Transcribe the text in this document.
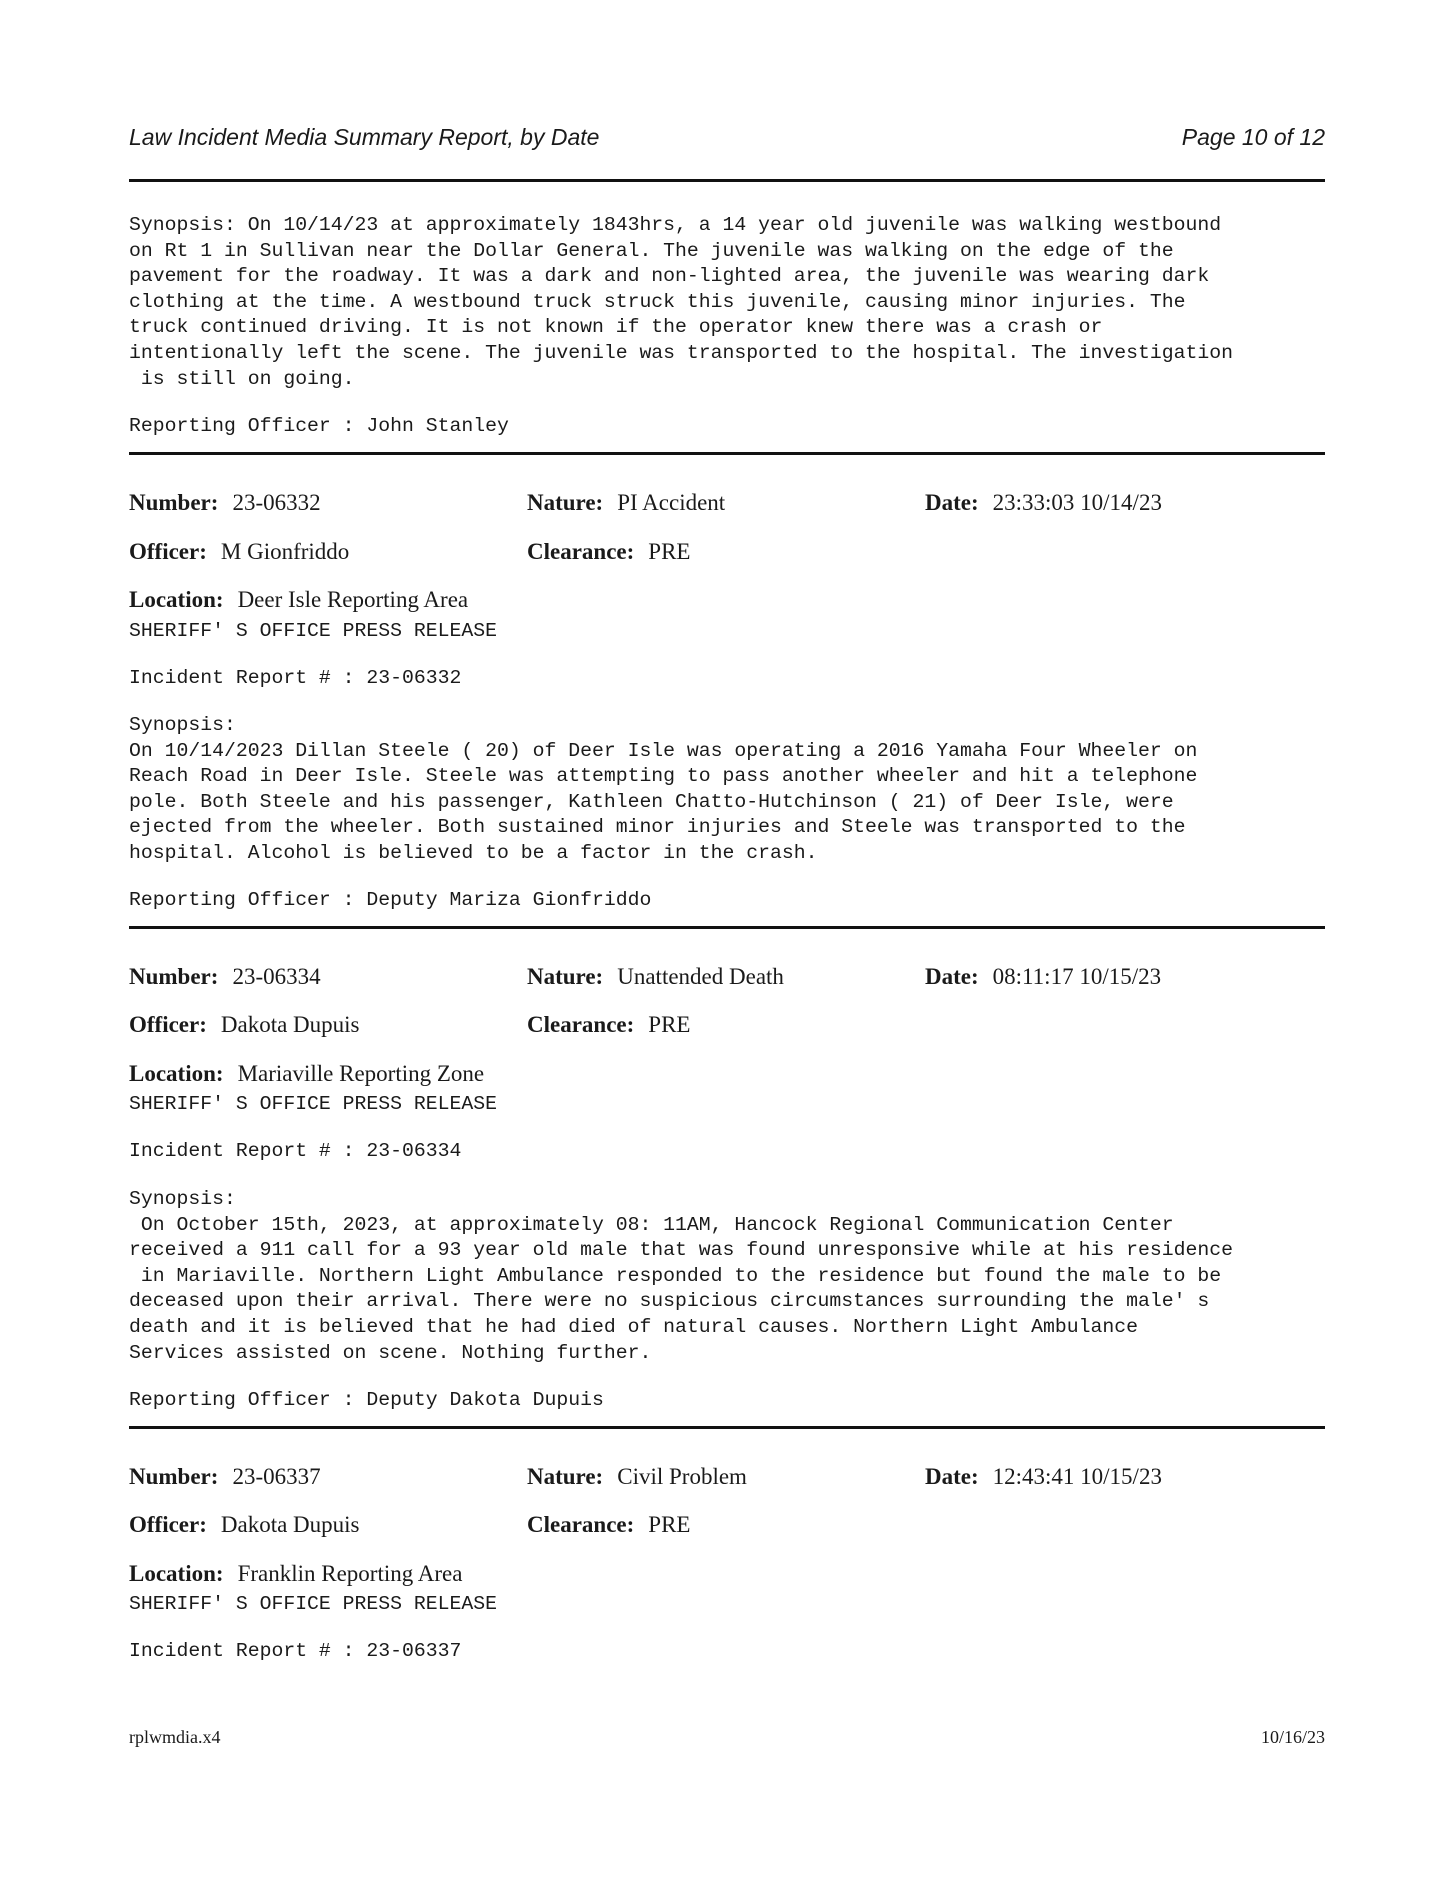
Law Incident Media Summary Report, by Date	Page 10 of 12
Synopsis: On 10/14/23 at approximately 1843hrs, a 14 year old juvenile was walking westbound
on Rt 1 in Sullivan near the Dollar General. The juvenile was walking on the edge of the
pavement for the roadway. It was a dark and non-lighted area, the juvenile was wearing dark
clothing at the time. A westbound truck struck this juvenile, causing minor injuries. The
truck continued driving. It is not known if the operator knew there was a crash or
intentionally left the scene. The juvenile was transported to the hospital. The investigation
is still on going.
Reporting Officer : John Stanley
Number: 23-06332	Nature: PI Accident	Date: 23:33:03 10/14/23
Officer: M Gionfriddo	Clearance: PRE
Location: Deer Isle Reporting Area
SHERIFF' S OFFICE PRESS RELEASE
Incident Report # : 23-06332
Synopsis:
On 10/14/2023 Dillan Steele ( 20) of Deer Isle was operating a 2016 Yamaha Four Wheeler on
Reach Road in Deer Isle. Steele was attempting to pass another wheeler and hit a telephone
pole. Both Steele and his passenger, Kathleen Chatto-Hutchinson ( 21) of Deer Isle, were
ejected from the wheeler. Both sustained minor injuries and Steele was transported to the
hospital. Alcohol is believed to be a factor in the crash.
Reporting Officer : Deputy Mariza Gionfriddo
Number: 23-06334	Nature: Unattended Death	Date: 08:11:17 10/15/23
Officer: Dakota Dupuis	Clearance: PRE
Location: Mariaville Reporting Zone
SHERIFF' S OFFICE PRESS RELEASE
Incident Report # : 23-06334
Synopsis:
On October 15th, 2023, at approximately 08: 11AM, Hancock Regional Communication Center
received a 911 call for a 93 year old male that was found unresponsive while at his residence
in Mariaville. Northern Light Ambulance responded to the residence but found the male to be
deceased upon their arrival. There were no suspicious circumstances surrounding the male' s
death and it is believed that he had died of natural causes. Northern Light Ambulance
Services assisted on scene. Nothing further.
Reporting Officer : Deputy Dakota Dupuis
Number: 23-06337	Nature: Civil Problem	Date: 12:43:41 10/15/23
Officer: Dakota Dupuis	Clearance: PRE
Location: Franklin Reporting Area
SHERIFF' S OFFICE PRESS RELEASE
Incident Report # : 23-06337
rplwmdia.x4	10/16/23
